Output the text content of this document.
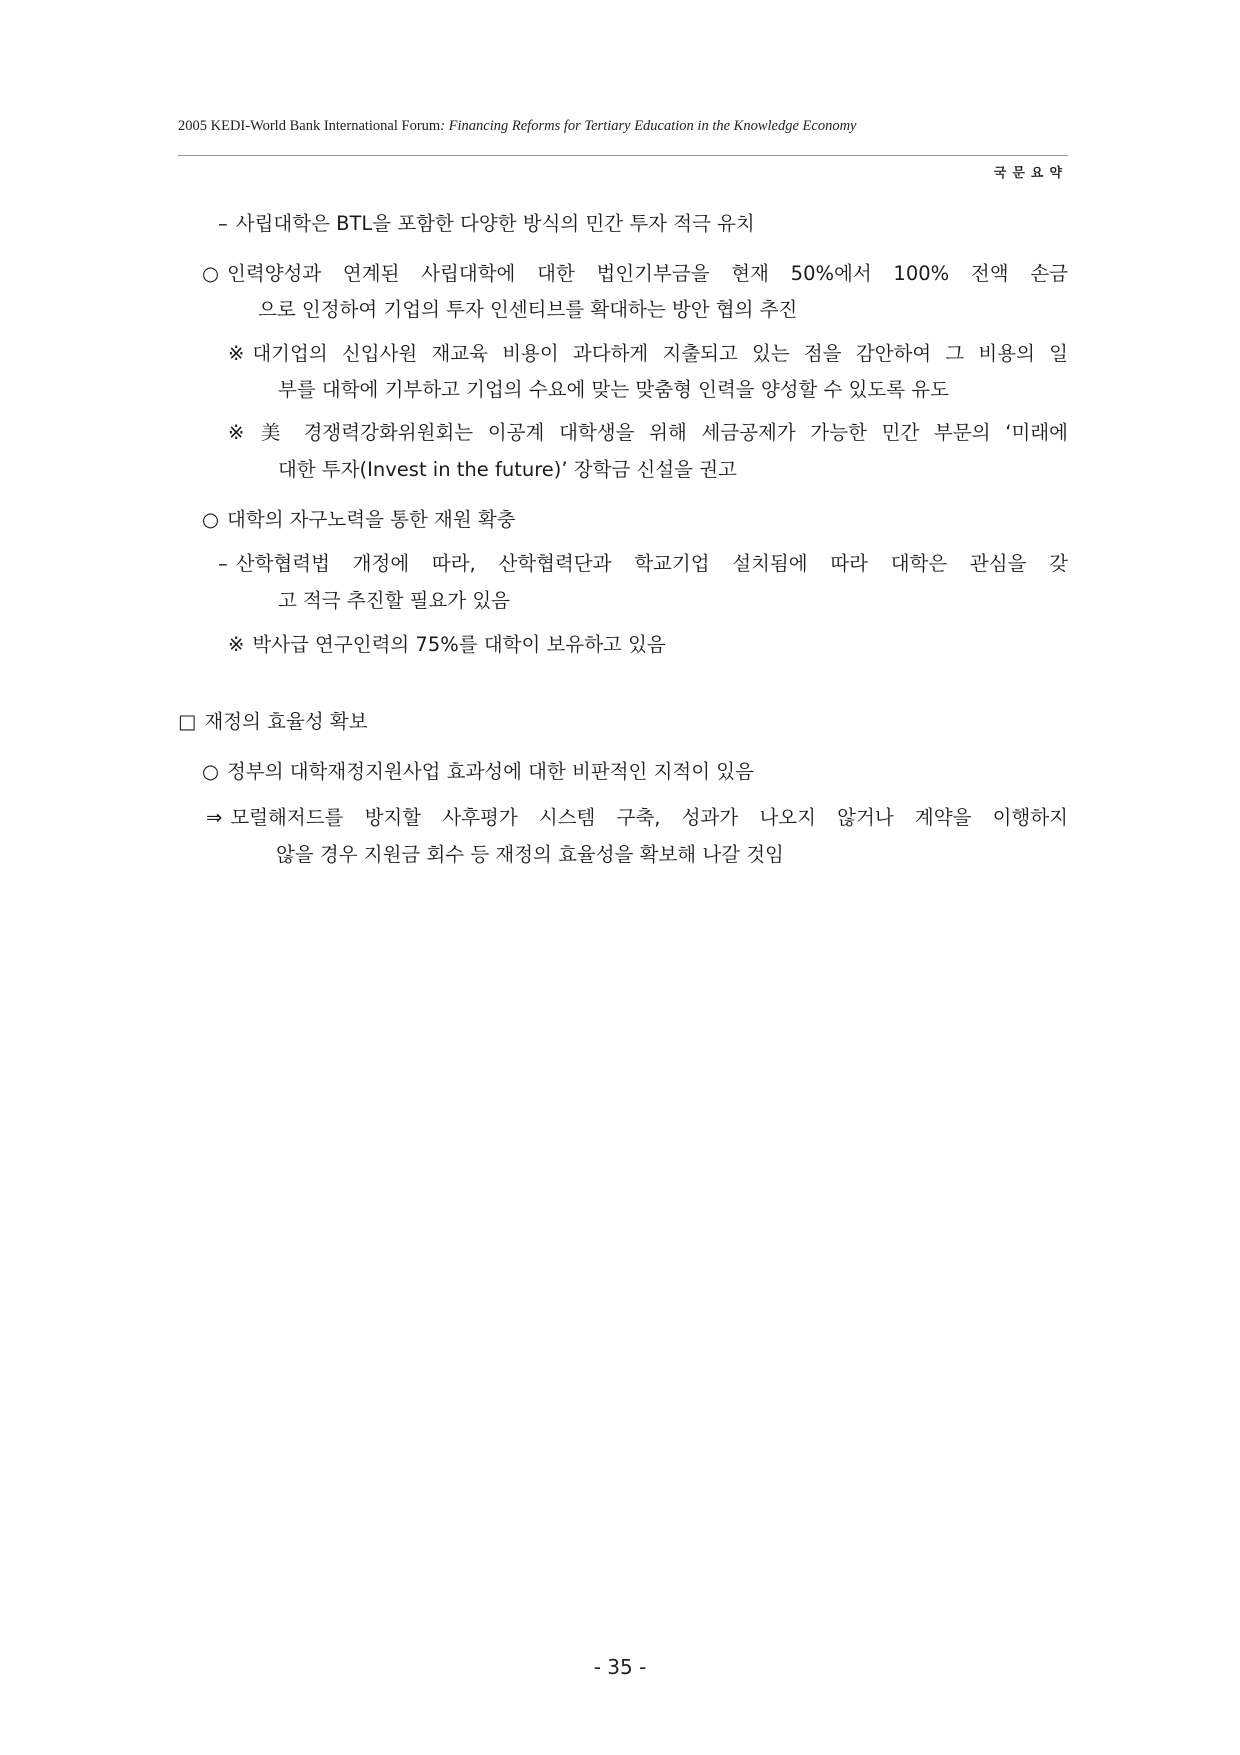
2005 KEDI-World Bank International Forum: Financing Reforms for Tertiary Education in the Knowledge Economy
국문요약
– 사립대학은 BTL을 포함한 다양한 방식의 민간 투자 적극 유치
○ 인력양성과 연계된 사립대학에 대한 법인기부금을 현재 50%에서 100% 전액 손금
으로 인정하여 기업의 투자 인센티브를 확대하는 방안 협의 추진
※ 대기업의 신입사원 재교육 비용이 과다하게 지출되고 있는 점을 감안하여 그 비용의 일
부를 대학에 기부하고 기업의 수요에 맞는 맞춤형 인력을 양성할 수 있도록 유도
※ 美 경쟁력강화위원회는 이공계 대학생을 위해 세금공제가 가능한 민간 부문의 ‘미래에
대한 투자(Invest in the future)’ 장학금 신설을 권고
○ 대학의 자구노력을 통한 재원 확충
– 산학협력법 개정에 따라, 산학협력단과 학교기업 설치됨에 따라 대학은 관심을 갖
고 적극 추진할 필요가 있음
※ 박사급 연구인력의 75%를 대학이 보유하고 있음
□ 재정의 효율성 확보
○ 정부의 대학재정지원사업 효과성에 대한 비판적인 지적이 있음
⇒ 모럴해저드를 방지할 사후평가 시스템 구축, 성과가 나오지 않거나 계약을 이행하지
않을 경우 지원금 회수 등 재정의 효율성을 확보해 나갈 것임
- 35 -
